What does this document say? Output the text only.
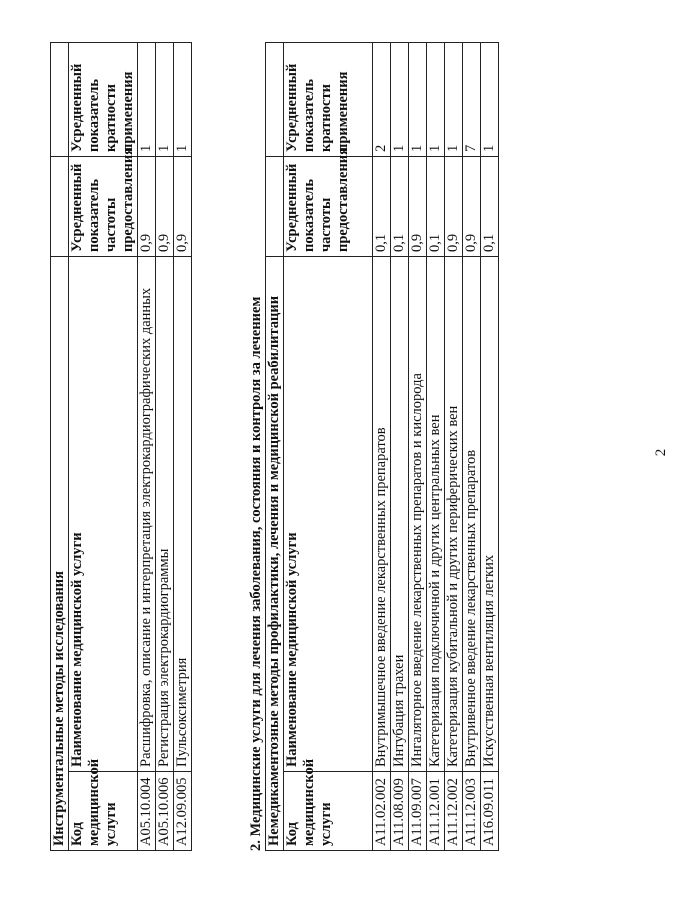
2
Инструментальные методы исследования			
Код медицинской услуги	Наименование медицинской услуги	Усредненный показатель частоты предоставления	Усредненный показатель кратности применения
A05.10.004	Расшифровка, описание и интерпретация электрокардиографических данных	0,9	1
A05.10.006	Регистрация электрокардиограммы	0,9	1
A12.09.005	Пульсоксиметрия	0,9	1
2. Медицинские услуги для лечения заболевания, состояния и контроля за лечением Немедикаментозные методы профилактики, лечения и медицинской реабилитации			
Код медицинской услуги	Наименование медицинской услуги	Усредненный показатель частоты предоставления	Усредненный показатель кратности применения
A11.02.002	Внутримышечное введение лекарственных препаратов	0,1	2
A11.08.009	Интубация трахеи	0,1	1
A11.09.007	Ингаляторное введение лекарственных препаратов и кислорода	0,9	1
A11.12.001	Катетеризация подключичной и других центральных вен	0,1	1
A11.12.002	Катетеризация кубитальной и других периферических вен	0,9	1
A11.12.003	Внутривенное введение лекарственных препаратов	0,9	7
A16.09.011	Искусственная вентиляция легких	0,1	1
